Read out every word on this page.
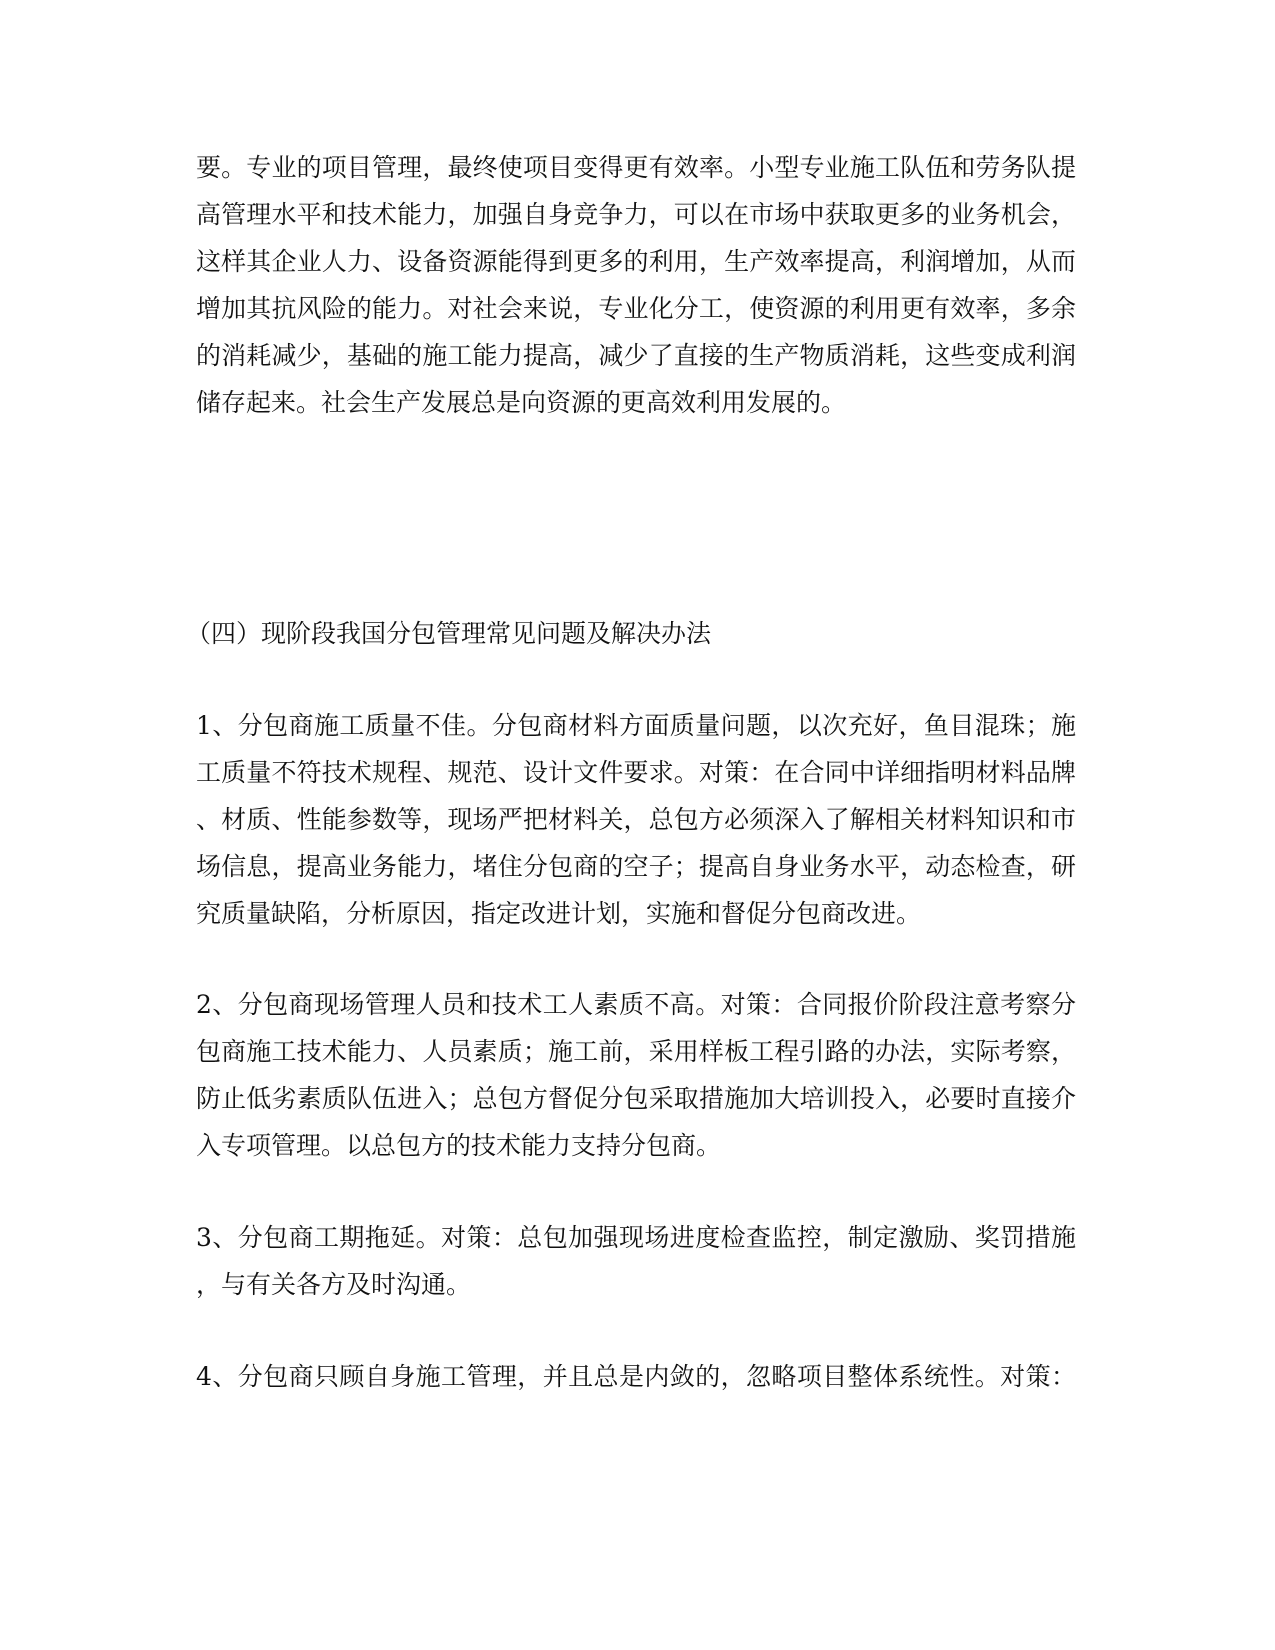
要。专业的项目管理，最终使项目变得更有效率。小型专业施工队伍和劳务队提
高管理水平和技术能力，加强自身竞争力，可以在市场中获取更多的业务机会，
这样其企业人力、设备资源能得到更多的利用，生产效率提高，利润增加，从而
增加其抗风险的能力。对社会来说，专业化分工，使资源的利用更有效率，多余
的消耗减少，基础的施工能力提高，减少了直接的生产物质消耗，这些变成利润
储存起来。社会生产发展总是向资源的更高效利用发展的。
（四）现阶段我国分包管理常见问题及解决办法
1、分包商施工质量不佳。分包商材料方面质量问题，以次充好，鱼目混珠；施
工质量不符技术规程、规范、设计文件要求。对策：在合同中详细指明材料品牌
、材质、性能参数等，现场严把材料关，总包方必须深入了解相关材料知识和市
场信息，提高业务能力，堵住分包商的空子；提高自身业务水平，动态检查，研
究质量缺陷，分析原因，指定改进计划，实施和督促分包商改进。
2、分包商现场管理人员和技术工人素质不高。对策：合同报价阶段注意考察分
包商施工技术能力、人员素质；施工前，采用样板工程引路的办法，实际考察，
防止低劣素质队伍进入；总包方督促分包采取措施加大培训投入，必要时直接介
入专项管理。以总包方的技术能力支持分包商。
3、分包商工期拖延。对策：总包加强现场进度检查监控，制定激励、奖罚措施
，与有关各方及时沟通。
4、分包商只顾自身施工管理，并且总是内敛的，忽略项目整体系统性。对策：
